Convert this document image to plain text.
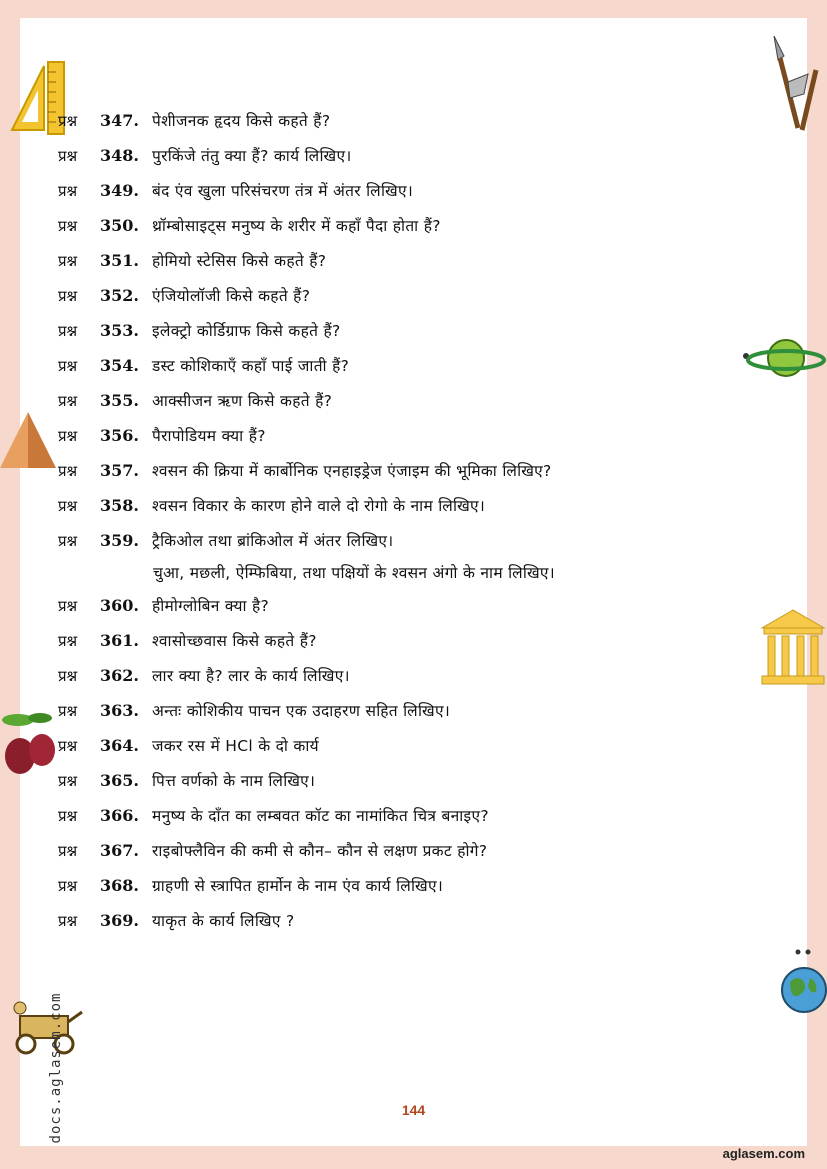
docs.aglasem.com
प्रश्न	347. पेशीजनक हृदय किसे कहते हैं?
प्रश्न	348. पुरकिंजे तंतु क्या हैं? कार्य लिखिए।
प्रश्न	349. बंद एंव खुला परिसंचरण तंत्र में अंतर लिखिए।
प्रश्न	350. थ्रॉम्बोसाइट्स मनुष्य के शरीर में कहाँ पैदा होता हैं?
प्रश्न	351. होमियो स्टेसिस किसे कहते हैं?
प्रश्न	352. एंजियोलॉजी किसे कहते हैं?
प्रश्न	353. इलेक्ट्रो कोर्डिग्राफ किसे कहते हैं?
प्रश्न	354. डस्ट कोशिकाएँ कहाँ पाई जाती हैं?
प्रश्न	355. आक्सीजन ऋण किसे कहते हैं?
प्रश्न	356. पैरापोडियम क्या हैं?
प्रश्न	357. श्वसन की क्रिया में कार्बोनिक एनहाइड्रेज एंजाइम की भूमिका लिखिए?
प्रश्न	358. श्वसन विकार के कारण होने वाले दो रोगो के नाम लिखिए।
प्रश्न	359. ट्रैकिओल तथा ब्रांकिओल में अंतर लिखिए।
प्रश्न	360. हीमोग्लोबिन क्या है?
प्रश्न	361. श्वासोच्छवास किसे कहते हैं?
प्रश्न	362. लार क्या है? लार के कार्य लिखिए।
प्रश्न	363. अन्तः कोशिकीय पाचन एक उदाहरण सहित लिखिए।
प्रश्न	364. जकर रस में HCl के दो कार्य
प्रश्न	365. पित्त वर्णको के नाम लिखिए।
प्रश्न	366. मनुष्य के दाँत का लम्बवत कॉट का नामांकित चित्र बनाइए?
प्रश्न	367. राइबोफ्लैविन की कमी से कौन– कौन से लक्षण प्रकट होगे?
प्रश्न	368. ग्राहणी से स्त्रापित हार्मोन के नाम एंव कार्य लिखिए।
प्रश्न	369. याकृत के कार्य लिखिए ?
चुआ, मछली, ऐम्फिबिया, तथा पक्षियों के श्वसन अंगो के नाम लिखिए।
144
aglasem.com
